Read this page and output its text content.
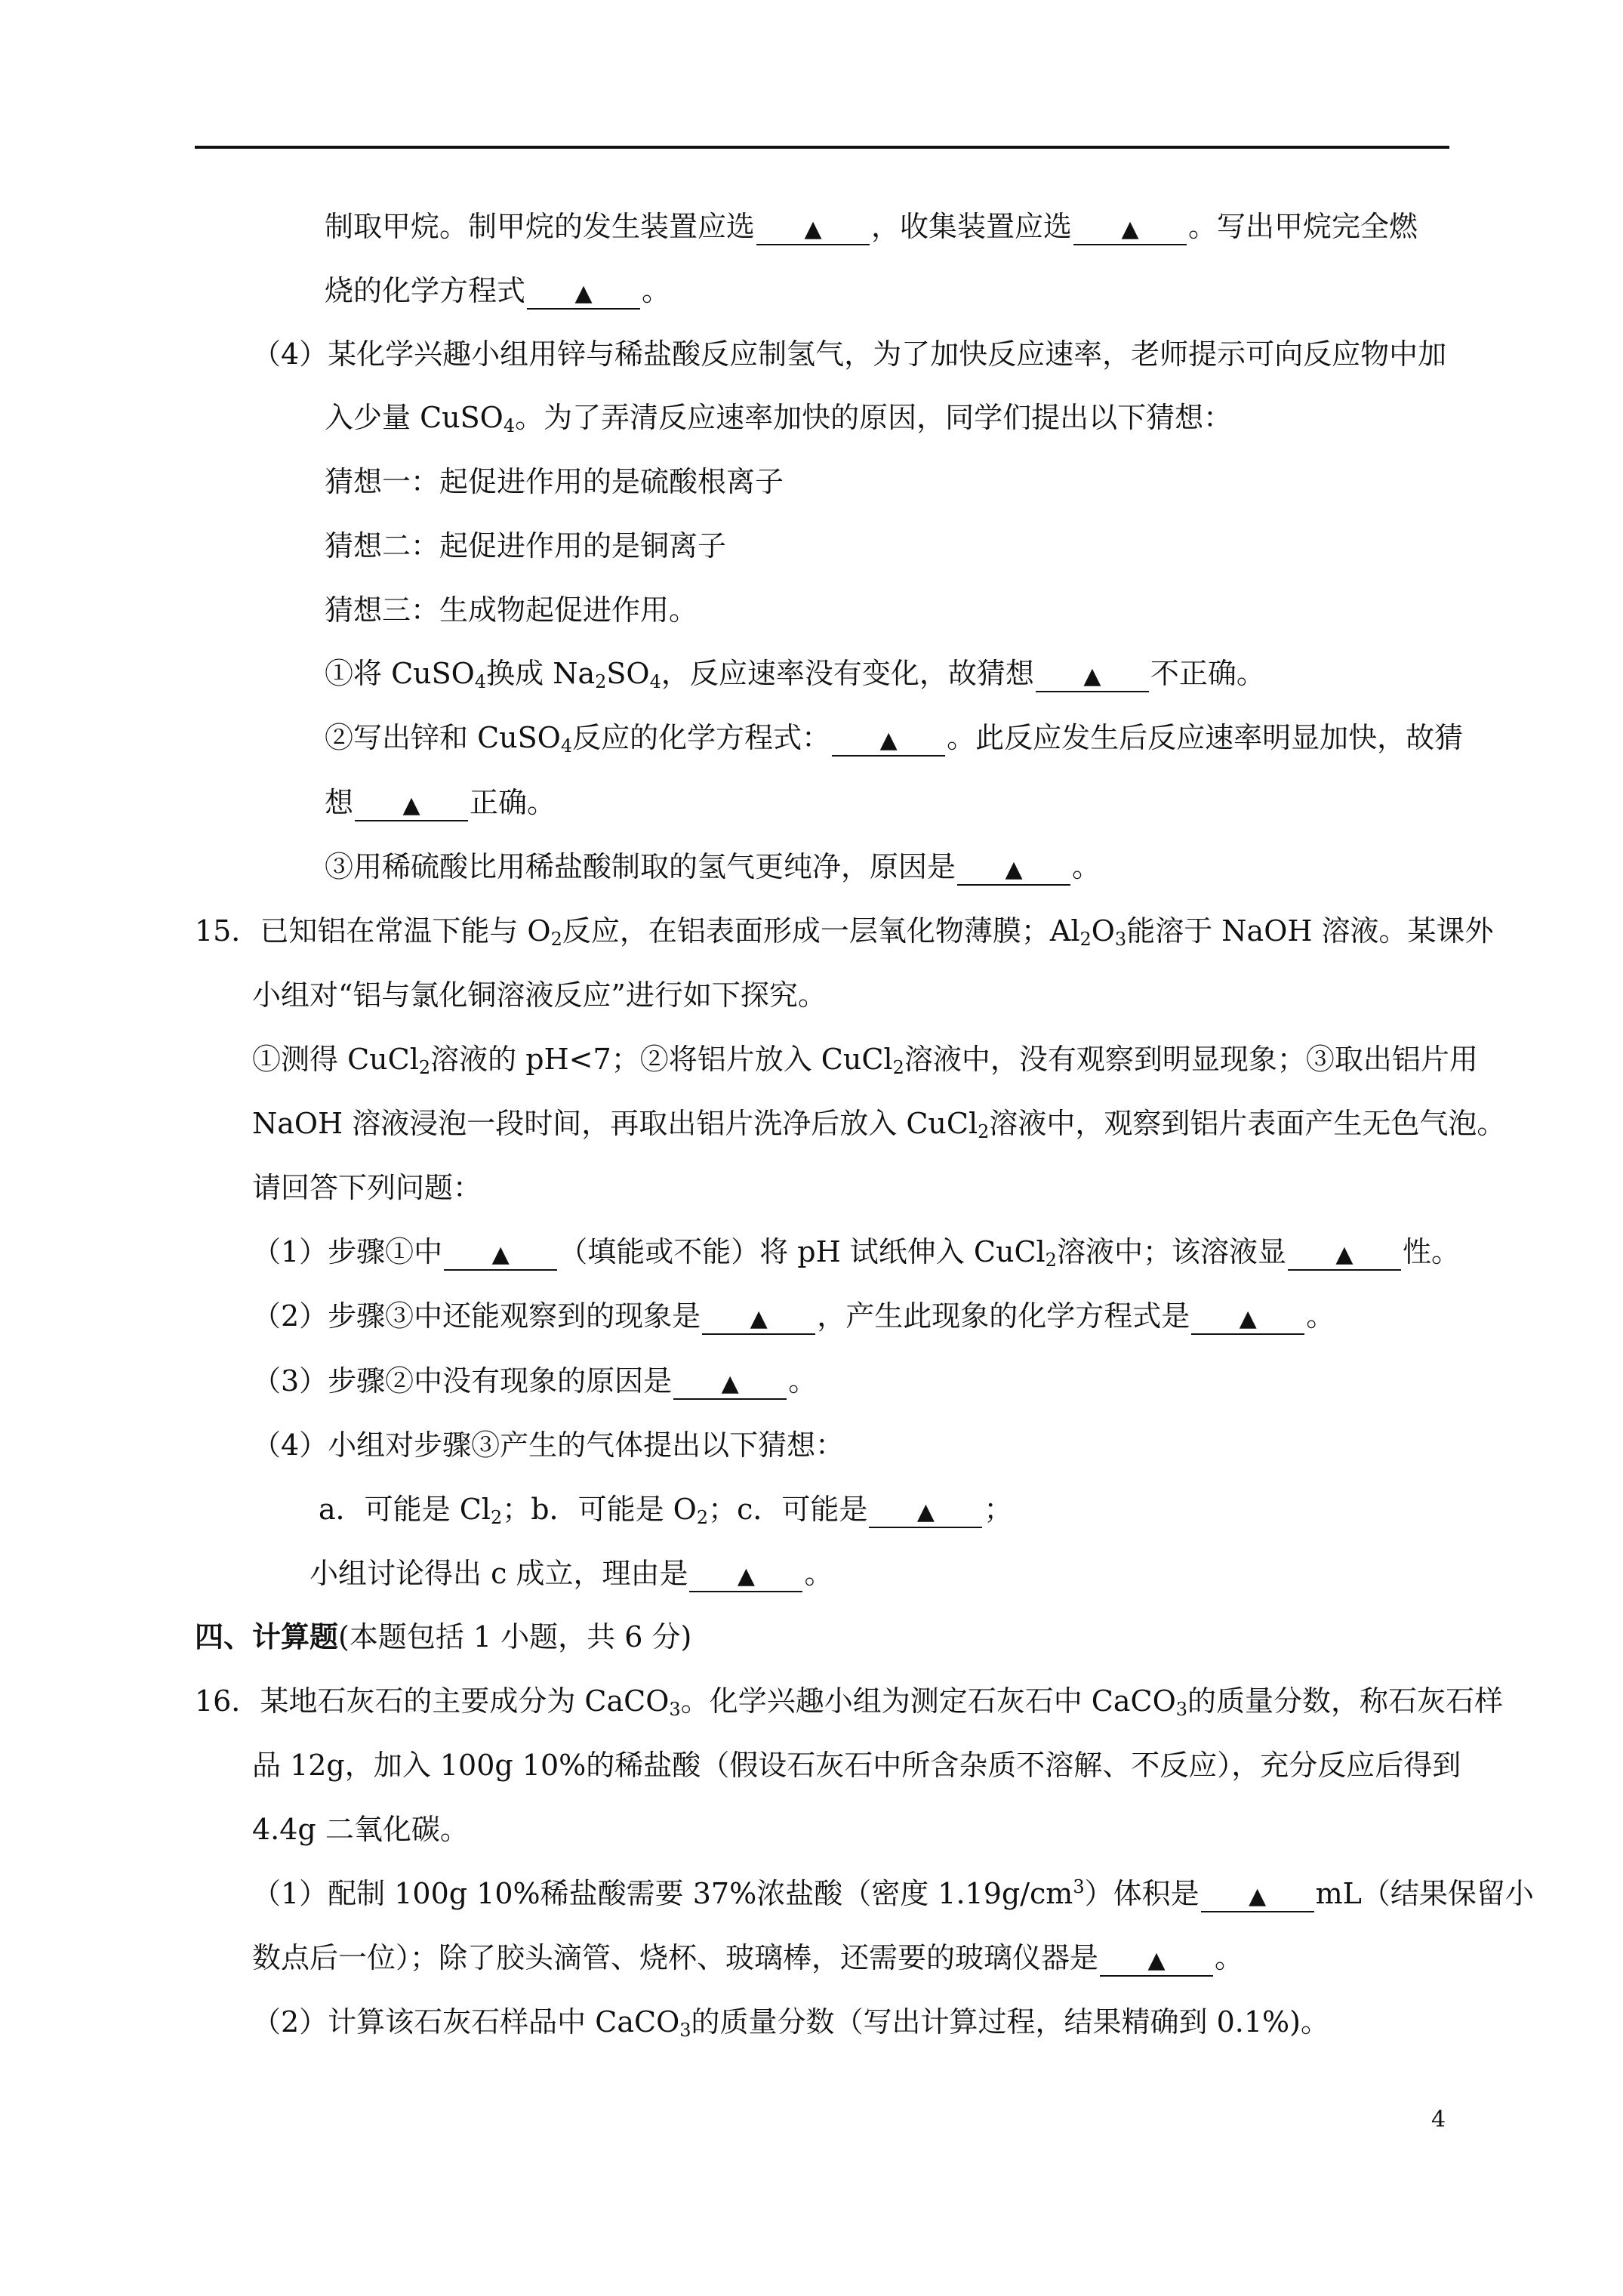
制取甲烷。制甲烷的发生装置应选 ▲ ，收集装置应选 ▲ 。写出甲烷完全燃
烧的化学方程式 ▲ 。
（4）某化学兴趣小组用锌与稀盐酸反应制氢气，为了加快反应速率，老师提示可向反应物中加
入少量 CuSO$_4$。为了弄清反应速率加快的原因，同学们提出以下猜想：
猜想一：起促进作用的是硫酸根离子
猜想二：起促进作用的是铜离子
猜想三：生成物起促进作用。
①将 CuSO$_4$换成 $Na_2SO_4$，反应速率没有变化，故猜想 ▲ 不正确。
②写出锌和 CuSO$_4$反应的化学方程式： ▲ 。此反应发生后反应速率明显加快，故猜
想 ▲ 正确。
③用稀硫酸比用稀盐酸制取的氢气更纯净，原因是 ▲ 。
15．已知铝在常温下能与 $O_2$反应，在铝表面形成一层氧化物薄膜；$Al_2O_3$能溶于 NaOH 溶液。某课外
小组对“铝与氯化铜溶液反应”进行如下探究。
①测得 CuCl$_2$溶液的 pH<7；②将铝片放入 CuCl$_2$溶液中，没有观察到明显现象；③取出铝片用
NaOH 溶液浸泡一段时间，再取出铝片洗净后放入 CuCl$_2$溶液中，观察到铝片表面产生无色气泡。
请回答下列问题：
（1）步骤①中 ▲ （填能或不能）将 pH 试纸伸入 CuCl$_2$溶液中；该溶液显 ▲ 性。
（2）步骤③中还能观察到的现象是 ▲ ，产生此现象的化学方程式是 ▲ 。
（3）步骤②中没有现象的原因是 ▲ 。
（4）小组对步骤③产生的气体提出以下猜想：
a．可能是 $Cl_2$；b．可能是 $O_2$；c．可能是 ▲ ；
小组讨论得出 c 成立，理由是 ▲ 。
四、计算题(本题包括 1 小题，共 6 分)
16．某地石灰石的主要成分为 CaCO$_3$。化学兴趣小组为测定石灰石中 CaCO$_3$的质量分数，称石灰石样
品 12g，加入 100g 10%的稀盐酸（假设石灰石中所含杂质不溶解、不反应），充分反应后得到
4.4g 二氧化碳。
（1）配制 100g 10%稀盐酸需要 37%浓盐酸（密度 $1.19g/cm^3$）体积是 ▲ mL（结果保留小
数点后一位）；除了胶头滴管、烧杯、玻璃棒，还需要的玻璃仪器是 ▲ 。
（2）计算该石灰石样品中 CaCO$_3$的质量分数（写出计算过程，结果精确到 0.1%)。
4
